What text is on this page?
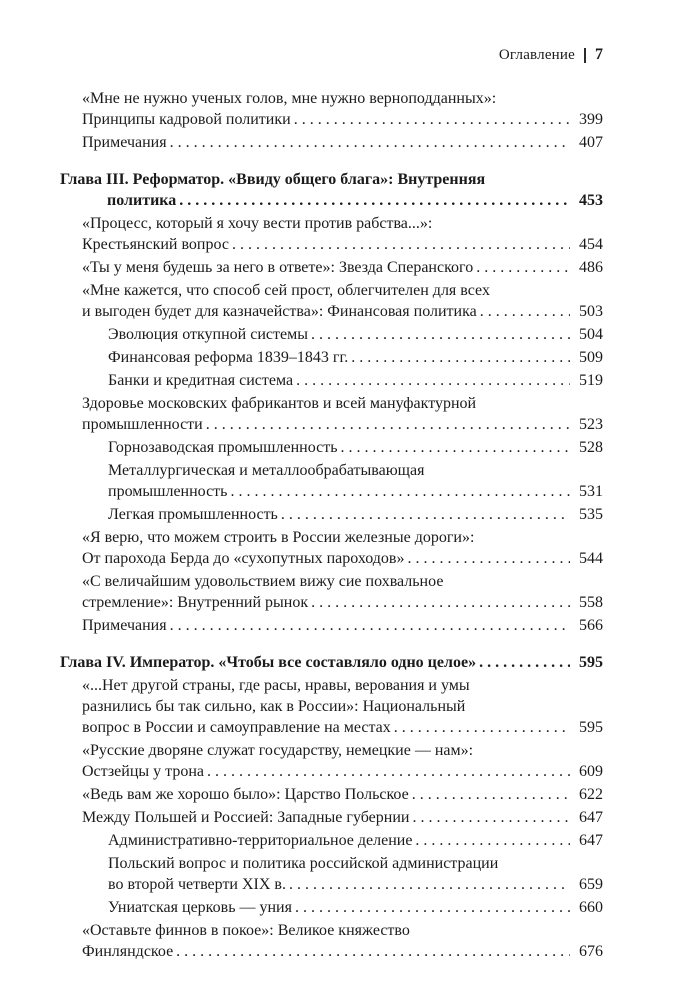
Оглавление 7
«Мне не нужно ученых голов, мне нужно верноподданных»:
Принципы кадровой политики . . .	399
Примечания . . .	407
Глава III. Реформатор. «Ввиду общего блага»: Внутренняя
политика . . .	453
«Процесс, который я хочу вести против рабства...»:
Крестьянский вопрос . . .	454
«Ты у меня будешь за него в ответе»: Звезда Сперанского . . .	486
«Мне кажется, что способ сей прост, облегчителен для всех
и выгоден будет для казначейства»: Финансовая политика . . .	503
Эволюция откупной системы . . .	504
Финансовая реформа 1839–1843 гг. . . .	509
Банки и кредитная система . . .	519
Здоровье московских фабрикантов и всей мануфактурной
промышленности . . .	523
Горнозаводская промышленность . . .	528
Металлургическая и металлообрабатывающая
промышленность . . .	531
Легкая промышленность . . .	535
«Я верю, что можем строить в России железные дороги»:
От парохода Берда до «сухопутных пароходов» . . .	544
«С величайшим удовольствием вижу сие похвальное
стремление»: Внутренний рынок . . .	558
Примечания . . .	566
Глава IV. Император. «Чтобы все составляло одно целое» . . .	595
«...Нет другой страны, где расы, нравы, верования и умы
разнились бы так сильно, как в России»: Национальный
вопрос в России и самоуправление на местах . . .	595
«Русские дворяне служат государству, немецкие — нам»:
Остзейцы у трона . . .	609
«Ведь вам же хорошо было»: Царство Польское . . .	622
Между Польшей и Россией: Западные губернии . . .	647
Административно-территориальное деление . . .	647
Польский вопрос и политика российской администрации
во второй четверти XIX в. . . .	659
Униатская церковь — уния . . .	660
«Оставьте финнов в покое»: Великое княжество
Финляндское . . .	676
